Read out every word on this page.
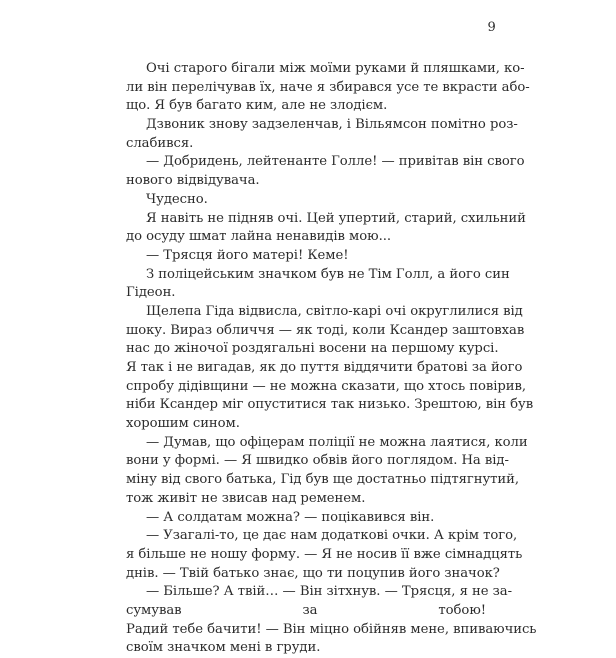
9
Очі старого бігали між моїми руками й пляшками, ко-
ли він перелічував їх, наче я збирався усе те вкрасти або-
що. Я був багато ким, але не злодієм.
Дзвоник знову задзеленчав, і Вільямсон помітно роз-
слабився.
— Добридень, лейтенанте Голле! — привітав він свого
нового відвідувача.
Чудесно.
Я навіть не підняв очі. Цей упертий, старий, схильний
до осуду шмат лайна ненавидів мою...
— Трясця його матері! Кеме!
З поліцейським значком був не Тім Голл, а його син
Гідеон.
Щелепа Гіда відвисла, світло-карі очі округлилися від
шоку. Вираз обличчя — як тоді, коли Ксандер заштовхав
нас до жіночої роздягальні восени на першому курсі.
Я так і не вигадав, як до пуття віддячити братові за його
спробу дідівщини — не можна сказати, що хтось повірив,
ніби Ксандер міг опуститися так низько. Зрештою, він був
хорошим сином.
— Думав, що офіцерам поліції не можна лаятися, коли
вони у формі. — Я швидко обвів його поглядом. На від-
міну від свого батька, Гід був ще достатньо підтягнутий,
тож живіт не звисав над ременем.
— А солдатам можна? — поцікавився він.
— Узагалі-то, це дає нам додаткові очки. А крім того,
я більше не ношу форму. — Я не носив її вже сімнадцять
днів. — Твій батько знає, що ти поцупив його значок?
— Більше? А твій… — Він зітхнув. — Трясця, я не за-
сумував за тобою!
Радий тебе бачити! — Він міцно обійняв мене, впиваючись
своїм значком мені в груди.
